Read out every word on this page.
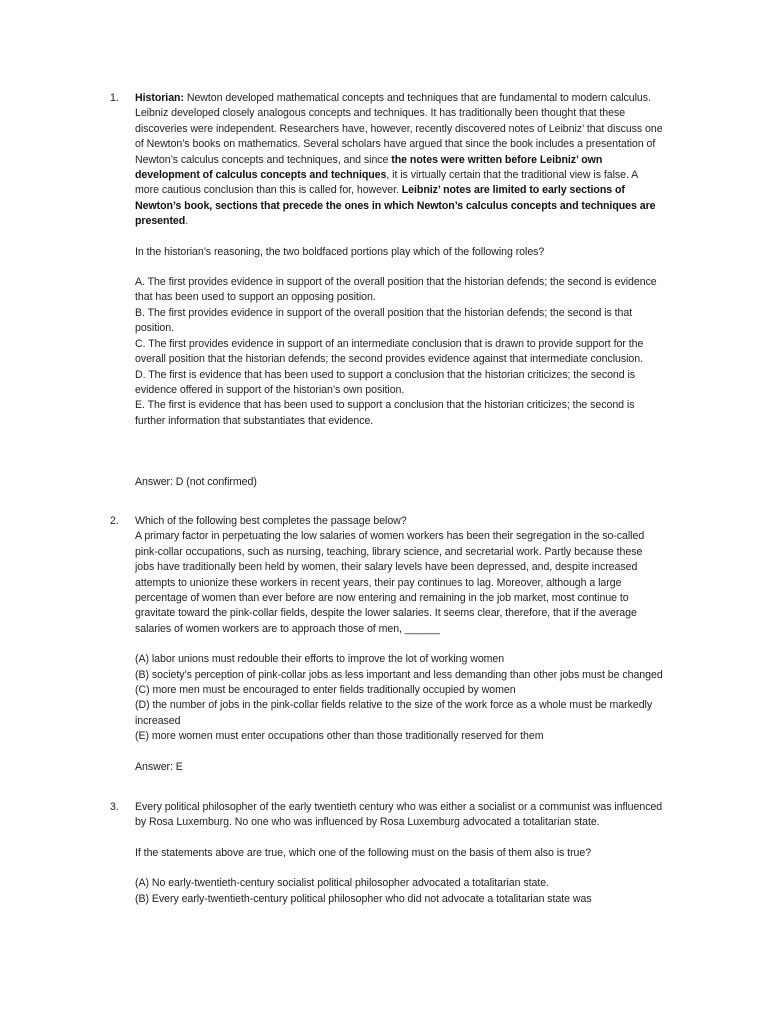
1. Historian: Newton developed mathematical concepts and techniques that are fundamental to modern calculus. Leibniz developed closely analogous concepts and techniques. It has traditionally been thought that these discoveries were independent. Researchers have, however, recently discovered notes of Leibniz’ that discuss one of Newton’s books on mathematics. Several scholars have argued that since the book includes a presentation of Newton’s calculus concepts and techniques, and since the notes were written before Leibniz’ own development of calculus concepts and techniques, it is virtually certain that the traditional view is false. A more cautious conclusion than this is called for, however. Leibniz’ notes are limited to early sections of Newton’s book, sections that precede the ones in which Newton’s calculus concepts and techniques are presented.

In the historian’s reasoning, the two boldfaced portions play which of the following roles?

A. The first provides evidence in support of the overall position that the historian defends; the second is evidence that has been used to support an opposing position.

B. The first provides evidence in support of the overall position that the historian defends; the second is that position.

C. The first provides evidence in support of an intermediate conclusion that is drawn to provide support for the overall position that the historian defends; the second provides evidence against that intermediate conclusion.

D. The first is evidence that has been used to support a conclusion that the historian criticizes; the second is evidence offered in support of the historian’s own position.

E. The first is evidence that has been used to support a conclusion that the historian criticizes; the second is further information that substantiates that evidence.

Answer: D (not confirmed)

2. Which of the following best completes the passage below?

A primary factor in perpetuating the low salaries of women workers has been their segregation in the so-called pink-collar occupations, such as nursing, teaching, library science, and secretarial work. Partly because these jobs have traditionally been held by women, their salary levels have been depressed, and, despite increased attempts to unionize these workers in recent years, their pay continues to lag. Moreover, although a large percentage of women than ever before are now entering and remaining in the job market, most continue to gravitate toward the pink-collar fields, despite the lower salaries. It seems clear, therefore, that if the average salaries of women workers are to approach those of men, ______

(A) labor unions must redouble their efforts to improve the lot of working women

(B) society’s perception of pink-collar jobs as less important and less demanding than other jobs must be changed

(C) more men must be encouraged to enter fields traditionally occupied by women

(D) the number of jobs in the pink-collar fields relative to the size of the work force as a whole must be markedly increased

(E) more women must enter occupations other than those traditionally reserved for them

Answer: E

3. Every political philosopher of the early twentieth century who was either a socialist or a communist was influenced by Rosa Luxemburg. No one who was influenced by Rosa Luxemburg advocated a totalitarian state.

If the statements above are true, which one of the following must on the basis of them also is true?

(A) No early-twentieth-century socialist political philosopher advocated a totalitarian state.

(B) Every early-twentieth-century political philosopher who did not advocate a totalitarian state was
